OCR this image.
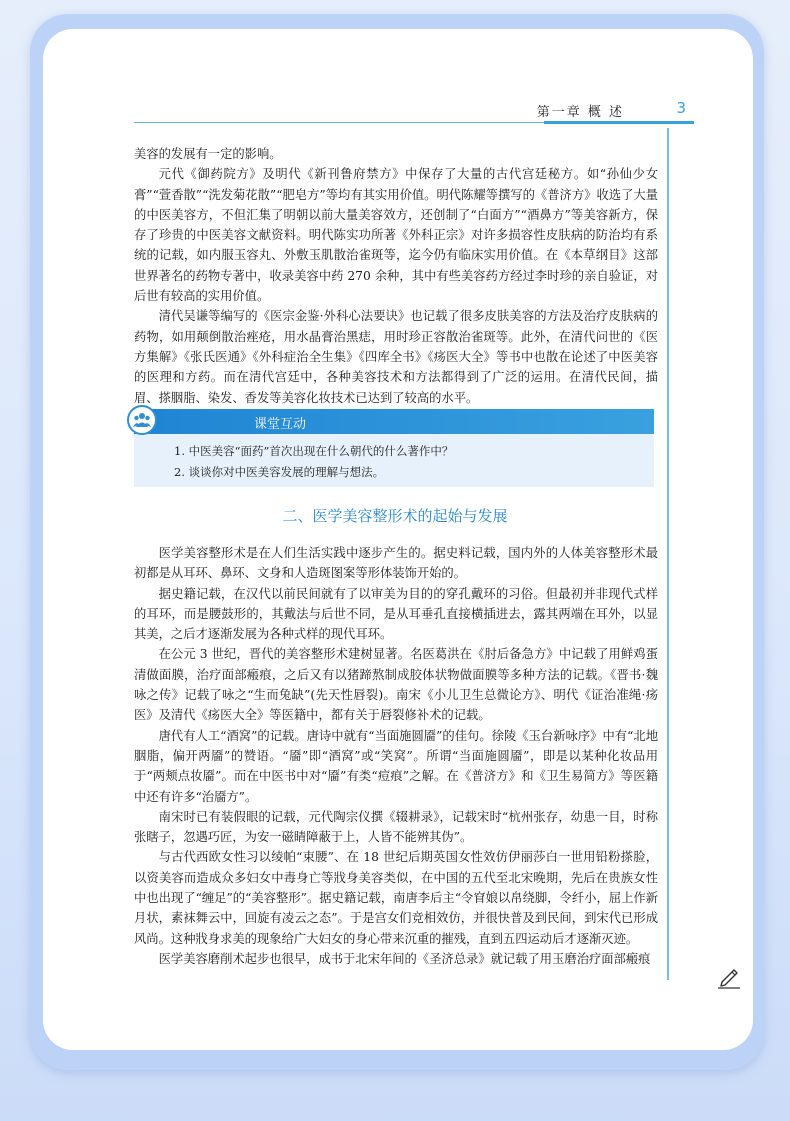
第一章 概 述	3

美容的发展有一定的影响。

元代《御药院方》及明代《新刊鲁府禁方》中保存了大量的古代宫廷秘方。如“孙仙少女膏”“萱香散”“洗发菊花散”“肥皂方”等均有其实用价值。明代陈耀等撰写的《普济方》收选了大量的中医美容方，不但汇集了明朝以前大量美容效方，还创制了“白面方”“酒鼻方”等美容新方，保存了珍贵的中医美容文献资料。明代陈实功所著《外科正宗》对许多损容性皮肤病的防治均有系统的记载，如内服玉容丸、外敷玉肌散治雀斑等，迄今仍有临床实用价值。在《本草纲目》这部世界著名的药物专著中，收录美容中药 270 余种，其中有些美容药方经过李时珍的亲自验证，对后世有较高的实用价值。

清代吴谦等编写的《医宗金鉴·外科心法要诀》也记载了很多皮肤美容的方法及治疗皮肤病的药物，如用颠倒散治痤疮，用水晶膏治黑痣，用时珍正容散治雀斑等。此外，在清代问世的《医方集解》《张氏医通》《外科症治全生集》《四库全书》《疡医大全》等书中也散在论述了中医美容的医理和方药。而在清代宫廷中，各种美容技术和方法都得到了广泛的运用。在清代民间，描眉、搽胭脂、染发、香发等美容化妆技术已达到了较高的水平。

课堂互动
1. 中医美容“面药”首次出现在什么朝代的什么著作中？
2. 谈谈你对中医美容发展的理解与想法。
二、医学美容整形术的起始与发展

医学美容整形术是在人们生活实践中逐步产生的。据史料记载，国内外的人体美容整形术最初都是从耳环、鼻环、文身和人造斑图案等形体装饰开始的。

据史籍记载，在汉代以前民间就有了以审美为目的的穿孔戴环的习俗。但最初并非现代式样的耳环，而是腰鼓形的，其戴法与后世不同，是从耳垂孔直接横插进去，露其两端在耳外，以显其美，之后才逐渐发展为各种式样的现代耳环。

在公元 3 世纪，晋代的美容整形术建树显著。名医葛洪在《肘后备急方》中记载了用鲜鸡蛋清做面膜，治疗面部瘢痕，之后又有以猪蹄熬制成胶体状物做面膜等多种方法的记载。《晋书·魏咏之传》记载了咏之“生而兔缺”(先天性唇裂)。南宋《小儿卫生总微论方》、明代《证治准绳·疡医》及清代《疡医大全》等医籍中，都有关于唇裂修补术的记载。

唐代有人工“酒窝”的记载。唐诗中就有“当面施圆靥”的佳句。徐陵《玉台新咏序》中有“北地胭脂，偏开两靥”的赞语。“靥”即“酒窝”或“笑窝”。所谓“当面施圆靥”，即是以某种化妆品用于“两颊点妆靥”。而在中医书中对“靥”有类“痘痕”之解。在《普济方》和《卫生易简方》等医籍中还有许多“治靥方”。

南宋时已有装假眼的记载，元代陶宗仪撰《辍耕录》，记载宋时“杭州张存，幼患一目，时称张瞎子，忽遇巧匠，为安一磁睛障蔽于上，人皆不能辨其伪”。

与古代西欧女性习以绫帕“束腰”、在 18 世纪后期英国女性效仿伊丽莎白一世用铅粉搽脸，以资美容而造成众多妇女中毒身亡等戕身美容类似，在中国的五代至北宋晚期，先后在贵族女性中也出现了“缠足”的“美容整形”。据史籍记载，南唐李后主“令窅娘以帛绕脚，令纤小，屈上作新月状，素袜舞云中，回旋有凌云之态”。于是宫女们竞相效仿，并很快普及到民间，到宋代已形成风尚。这种戕身求美的现象给广大妇女的身心带来沉重的摧残，直到五四运动后才逐渐灭迹。

医学美容磨削术起步也很早，成书于北宋年间的《圣济总录》就记载了用玉磨治疗面部瘢痕
